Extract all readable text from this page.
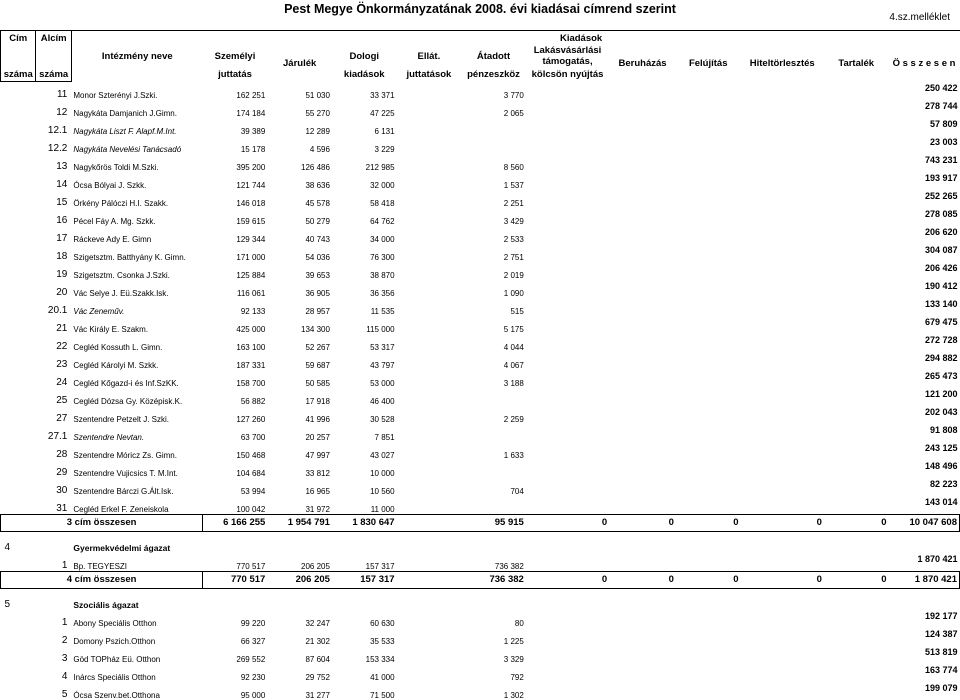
Pest Megye Önkormányzatának 2008. évi kiadásai címrend szerint
4.sz.melléklet
Cím	Alcím	Intézmény neve	Kiadások										
			Személyi	Járulék	Dologi	Ellát.	Átadott	Lakásvásárlási
támogatás,	Beruházás	Felújítás	Hiteltörlesztés	Tartalék	Ö s s z e s e n
száma	száma		juttatás		kiadások	juttatások	pénzeszköz	kölcsön nyújtás					
	11	Monor Szterényi J.Szki.	162 251	51 030	33 371		3 770						250 422
	12	Nagykáta Damjanich J.Gimn.	174 184	55 270	47 225		2 065						278 744
	12.1	Nagykáta Liszt F. Alapf.M.Int.	39 389	12 289	6 131								57 809
	12.2	Nagykáta Nevelési Tanácsadó	15 178	4 596	3 229								23 003
	13	Nagykőrös Toldi M.Szki.	395 200	126 486	212 985		8 560						743 231
	14	Ócsa Bólyai J. Szkk.	121 744	38 636	32 000		1 537						193 917
	15	Örkény Pálóczi H.I. Szakk.	146 018	45 578	58 418		2 251						252 265
	16	Pécel Fáy A. Mg. Szkk.	159 615	50 279	64 762		3 429						278 085
	17	Ráckeve Ady E. Gimn	129 344	40 743	34 000		2 533						206 620
	18	Szigetsztm. Batthyány K. Gimn.	171 000	54 036	76 300		2 751						304 087
	19	Szigetsztm. Csonka J.Szki.	125 884	39 653	38 870		2 019						206 426
	20	Vác Selye J. Eü.Szakk.Isk.	116 061	36 905	36 356		1 090						190 412
	20.1	Vác Zeneműv.	92 133	28 957	11 535		515						133 140
	21	Vác Király E. Szakm.	425 000	134 300	115 000		5 175						679 475
	22	Cegléd Kossuth L. Gimn.	163 100	52 267	53 317		4 044						272 728
	23	Cegléd Károlyi M. Szkk.	187 331	59 687	43 797		4 067						294 882
	24	Cegléd Kőgazd-i és Inf.SzKK.	158 700	50 585	53 000		3 188						265 473
	25	Cegléd Dózsa Gy. Középisk.K.	56 882	17 918	46 400								121 200
	27	Szentendre Petzelt J. Szki.	127 260	41 996	30 528		2 259						202 043
	27.1	Szentendre Nevtan.	63 700	20 257	7 851								91 808
	28	Szentendre Móricz Zs. Gimn.	150 468	47 997	43 027		1 633						243 125
	29	Szentendre Vujicsics T. M.Int.	104 684	33 812	10 000								148 496
	30	Szentendre Bárczi G.Ált.Isk.	53 994	16 965	10 560		704						82 223
	31	Cegléd Erkel F. Zeneiskola	100 042	31 972	11 000								143 014
3 cím összesen			6 166 255	1 954 791	1 830 647		95 915	0	0	0	0	0	10 047 608

4		Gyermekvédelmi ágazat											
	1	Bp. TEGYESZI	770 517	206 205	157 317		736 382						1 870 421
4 cím összesen			770 517	206 205	157 317		736 382	0	0	0	0	0	1 870 421

5		Szociális ágazat											
	1	Abony Speciális Otthon	99 220	32 247	60 630		80						192 177
	2	Domony Pszich.Otthon	66 327	21 302	35 533		1 225						124 387
	3	Göd TOPház Eü. Otthon	269 552	87 604	153 334		3 329						513 819
	4	Inárcs Speciális Otthon	92 230	29 752	41 000		792						163 774
	5	Ócsa Szenv.bet.Otthona	95 000	31 277	71 500		1 302						199 079
